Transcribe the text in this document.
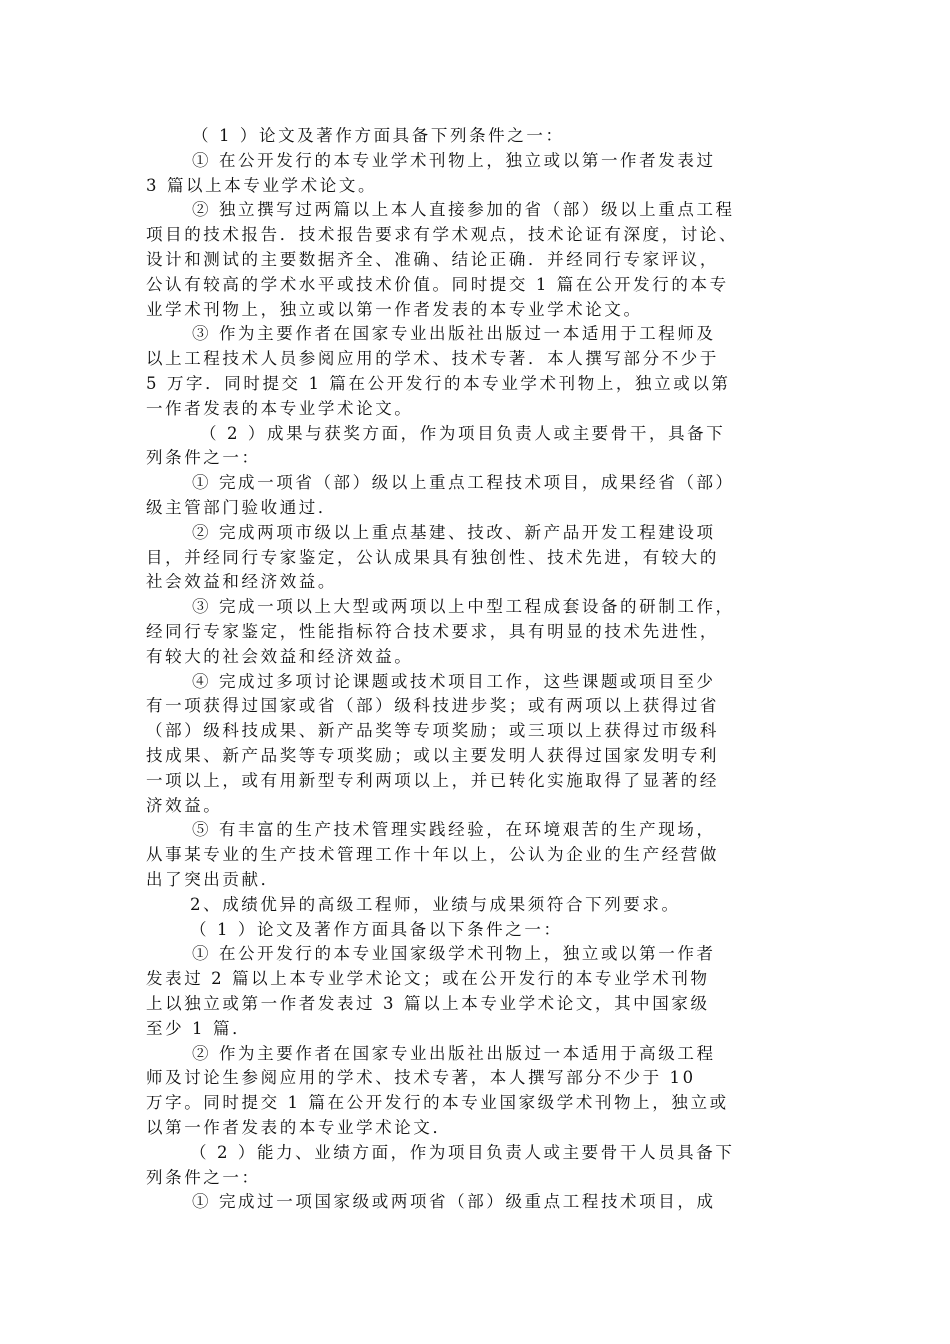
（ 1 ）论文及著作方面具备下列条件之一：
① 在公开发行的本专业学术刊物上，独立或以第一作者发表过
3 篇以上本专业学术论文。
② 独立撰写过两篇以上本人直接参加的省（部）级以上重点工程
项目的技术报告．技术报告要求有学术观点，技术论证有深度，讨论、
设计和测试的主要数据齐全、准确、结论正确．并经同行专家评议，
公认有较高的学术水平或技术价值。同时提交 1 篇在公开发行的本专
业学术刊物上，独立或以第一作者发表的本专业学术论文。
③ 作为主要作者在国家专业出版社出版过一本适用于工程师及
以上工程技术人员参阅应用的学术、技术专著．本人撰写部分不少于
5 万字．同时提交 1 篇在公开发行的本专业学术刊物上，独立或以第
一作者发表的本专业学术论文。
（ 2 ）成果与获奖方面，作为项目负责人或主要骨干，具备下
列条件之一：
① 完成一项省（部）级以上重点工程技术项目，成果经省（部）
级主管部门验收通过．
② 完成两项市级以上重点基建、技改、新产品开发工程建设项
目，并经同行专家鉴定，公认成果具有独创性、技术先进，有较大的
社会效益和经济效益。
③ 完成一项以上大型或两项以上中型工程成套设备的研制工作，
经同行专家鉴定，性能指标符合技术要求，具有明显的技术先进性，
有较大的社会效益和经济效益。
④ 完成过多项讨论课题或技术项目工作，这些课题或项目至少
有一项获得过国家或省（部）级科技进步奖；或有两项以上获得过省
（部）级科技成果、新产品奖等专项奖励；或三项以上获得过市级科
技成果、新产品奖等专项奖励；或以主要发明人获得过国家发明专利
一项以上，或有用新型专利两项以上，并已转化实施取得了显著的经
济效益。
⑤ 有丰富的生产技术管理实践经验，在环境艰苦的生产现场，
从事某专业的生产技术管理工作十年以上，公认为企业的生产经营做
出了突出贡献．
2、成绩优异的高级工程师，业绩与成果须符合下列要求。
（ 1 ）论文及著作方面具备以下条件之一：
① 在公开发行的本专业国家级学术刊物上，独立或以第一作者
发表过 2 篇以上本专业学术论文；或在公开发行的本专业学术刊物
上以独立或第一作者发表过 3 篇以上本专业学术论文，其中国家级
至少 1 篇．
② 作为主要作者在国家专业出版社出版过一本适用于高级工程
师及讨论生参阅应用的学术、技术专著，本人撰写部分不少于 10
万字。同时提交 1 篇在公开发行的本专业国家级学术刊物上，独立或
以第一作者发表的本专业学术论文．
（ 2 ）能力、业绩方面，作为项目负责人或主要骨干人员具备下
列条件之一：
① 完成过一项国家级或两项省（部）级重点工程技术项目，成
